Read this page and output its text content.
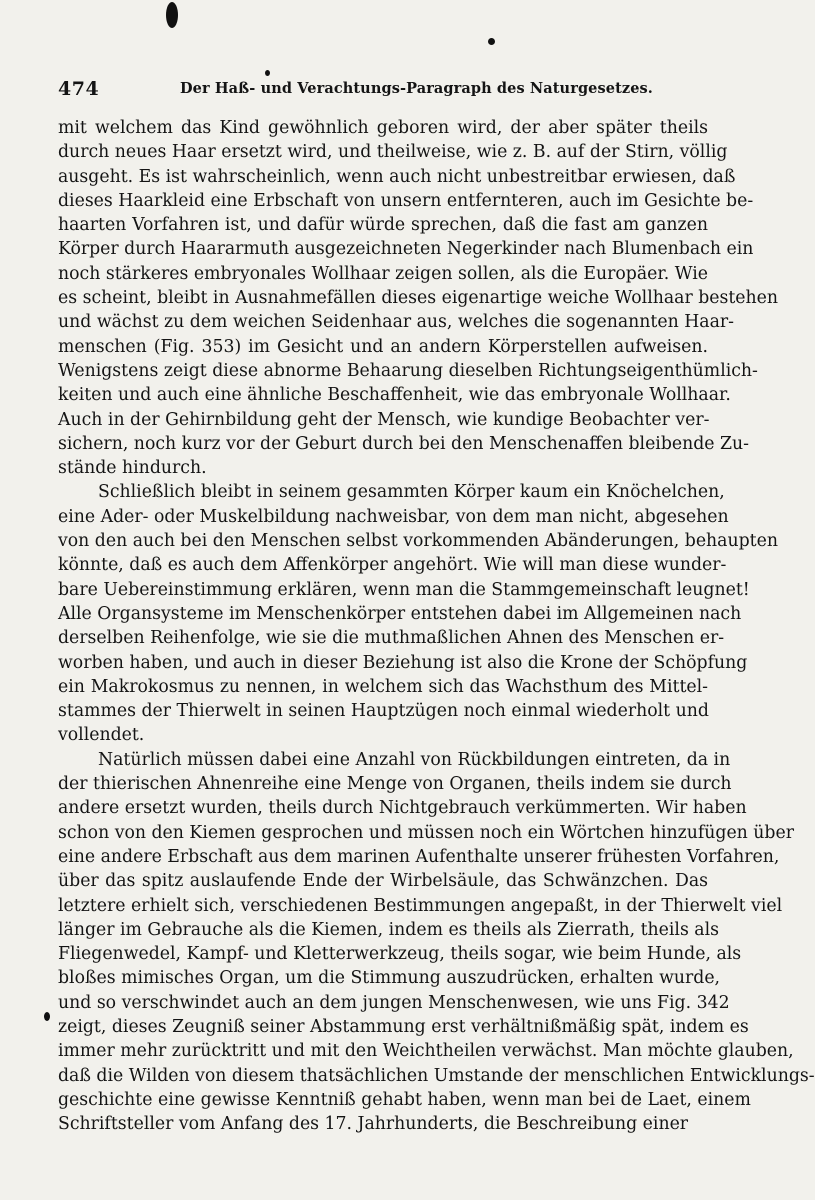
474	Der Haß- und Verachtungs-Paragraph des Naturgesetzes.
mit welchem das Kind gewöhnlich geboren wird, der aber später theils
durch neues Haar ersetzt wird, und theilweise, wie z. B. auf der Stirn, völlig
ausgeht. Es ist wahrscheinlich, wenn auch nicht unbestreitbar erwiesen, daß
dieses Haarkleid eine Erbschaft von unsern entfernteren, auch im Gesichte be-
haarten Vorfahren ist, und dafür würde sprechen, daß die fast am ganzen
Körper durch Haararmuth ausgezeichneten Negerkinder nach Blumenbach ein
noch stärkeres embryonales Wollhaar zeigen sollen, als die Europäer. Wie
es scheint, bleibt in Ausnahmefällen dieses eigenartige weiche Wollhaar bestehen
und wächst zu dem weichen Seidenhaar aus, welches die sogenannten Haar-
menschen (Fig. 353) im Gesicht und an andern Körperstellen aufweisen.
Wenigstens zeigt diese abnorme Behaarung dieselben Richtungseigenthümlich-
keiten und auch eine ähnliche Beschaffenheit, wie das embryonale Wollhaar.
Auch in der Gehirnbildung geht der Mensch, wie kundige Beobachter ver-
sichern, noch kurz vor der Geburt durch bei den Menschenaffen bleibende Zu-
stände hindurch.
Schließlich bleibt in seinem gesammten Körper kaum ein Knöchelchen,
eine Ader- oder Muskelbildung nachweisbar, von dem man nicht, abgesehen
von den auch bei den Menschen selbst vorkommenden Abänderungen, behaupten
könnte, daß es auch dem Affenkörper angehört. Wie will man diese wunder-
bare Uebereinstimmung erklären, wenn man die Stammgemeinschaft leugnet!
Alle Organsysteme im Menschenkörper entstehen dabei im Allgemeinen nach
derselben Reihenfolge, wie sie die muthmaßlichen Ahnen des Menschen er-
worben haben, und auch in dieser Beziehung ist also die Krone der Schöpfung
ein Makrokosmus zu nennen, in welchem sich das Wachsthum des Mittel-
stammes der Thierwelt in seinen Hauptzügen noch einmal wiederholt und
vollendet.
Natürlich müssen dabei eine Anzahl von Rückbildungen eintreten, da in
der thierischen Ahnenreihe eine Menge von Organen, theils indem sie durch
andere ersetzt wurden, theils durch Nichtgebrauch verkümmerten. Wir haben
schon von den Kiemen gesprochen und müssen noch ein Wörtchen hinzufügen über
eine andere Erbschaft aus dem marinen Aufenthalte unserer frühesten Vorfahren,
über das spitz auslaufende Ende der Wirbelsäule, das Schwänzchen. Das
letztere erhielt sich, verschiedenen Bestimmungen angepaßt, in der Thierwelt viel
länger im Gebrauche als die Kiemen, indem es theils als Zierrath, theils als
Fliegenwedel, Kampf- und Kletterwerkzeug, theils sogar, wie beim Hunde, als
bloßes mimisches Organ, um die Stimmung auszudrücken, erhalten wurde,
und so verschwindet auch an dem jungen Menschenwesen, wie uns Fig. 342
zeigt, dieses Zeugniß seiner Abstammung erst verhältnißmäßig spät, indem es
immer mehr zurücktritt und mit den Weichtheilen verwächst. Man möchte glauben,
daß die Wilden von diesem thatsächlichen Umstande der menschlichen Entwicklungs-
geschichte eine gewisse Kenntniß gehabt haben, wenn man bei de Laet, einem
Schriftsteller vom Anfang des 17. Jahrhunderts, die Beschreibung einer
